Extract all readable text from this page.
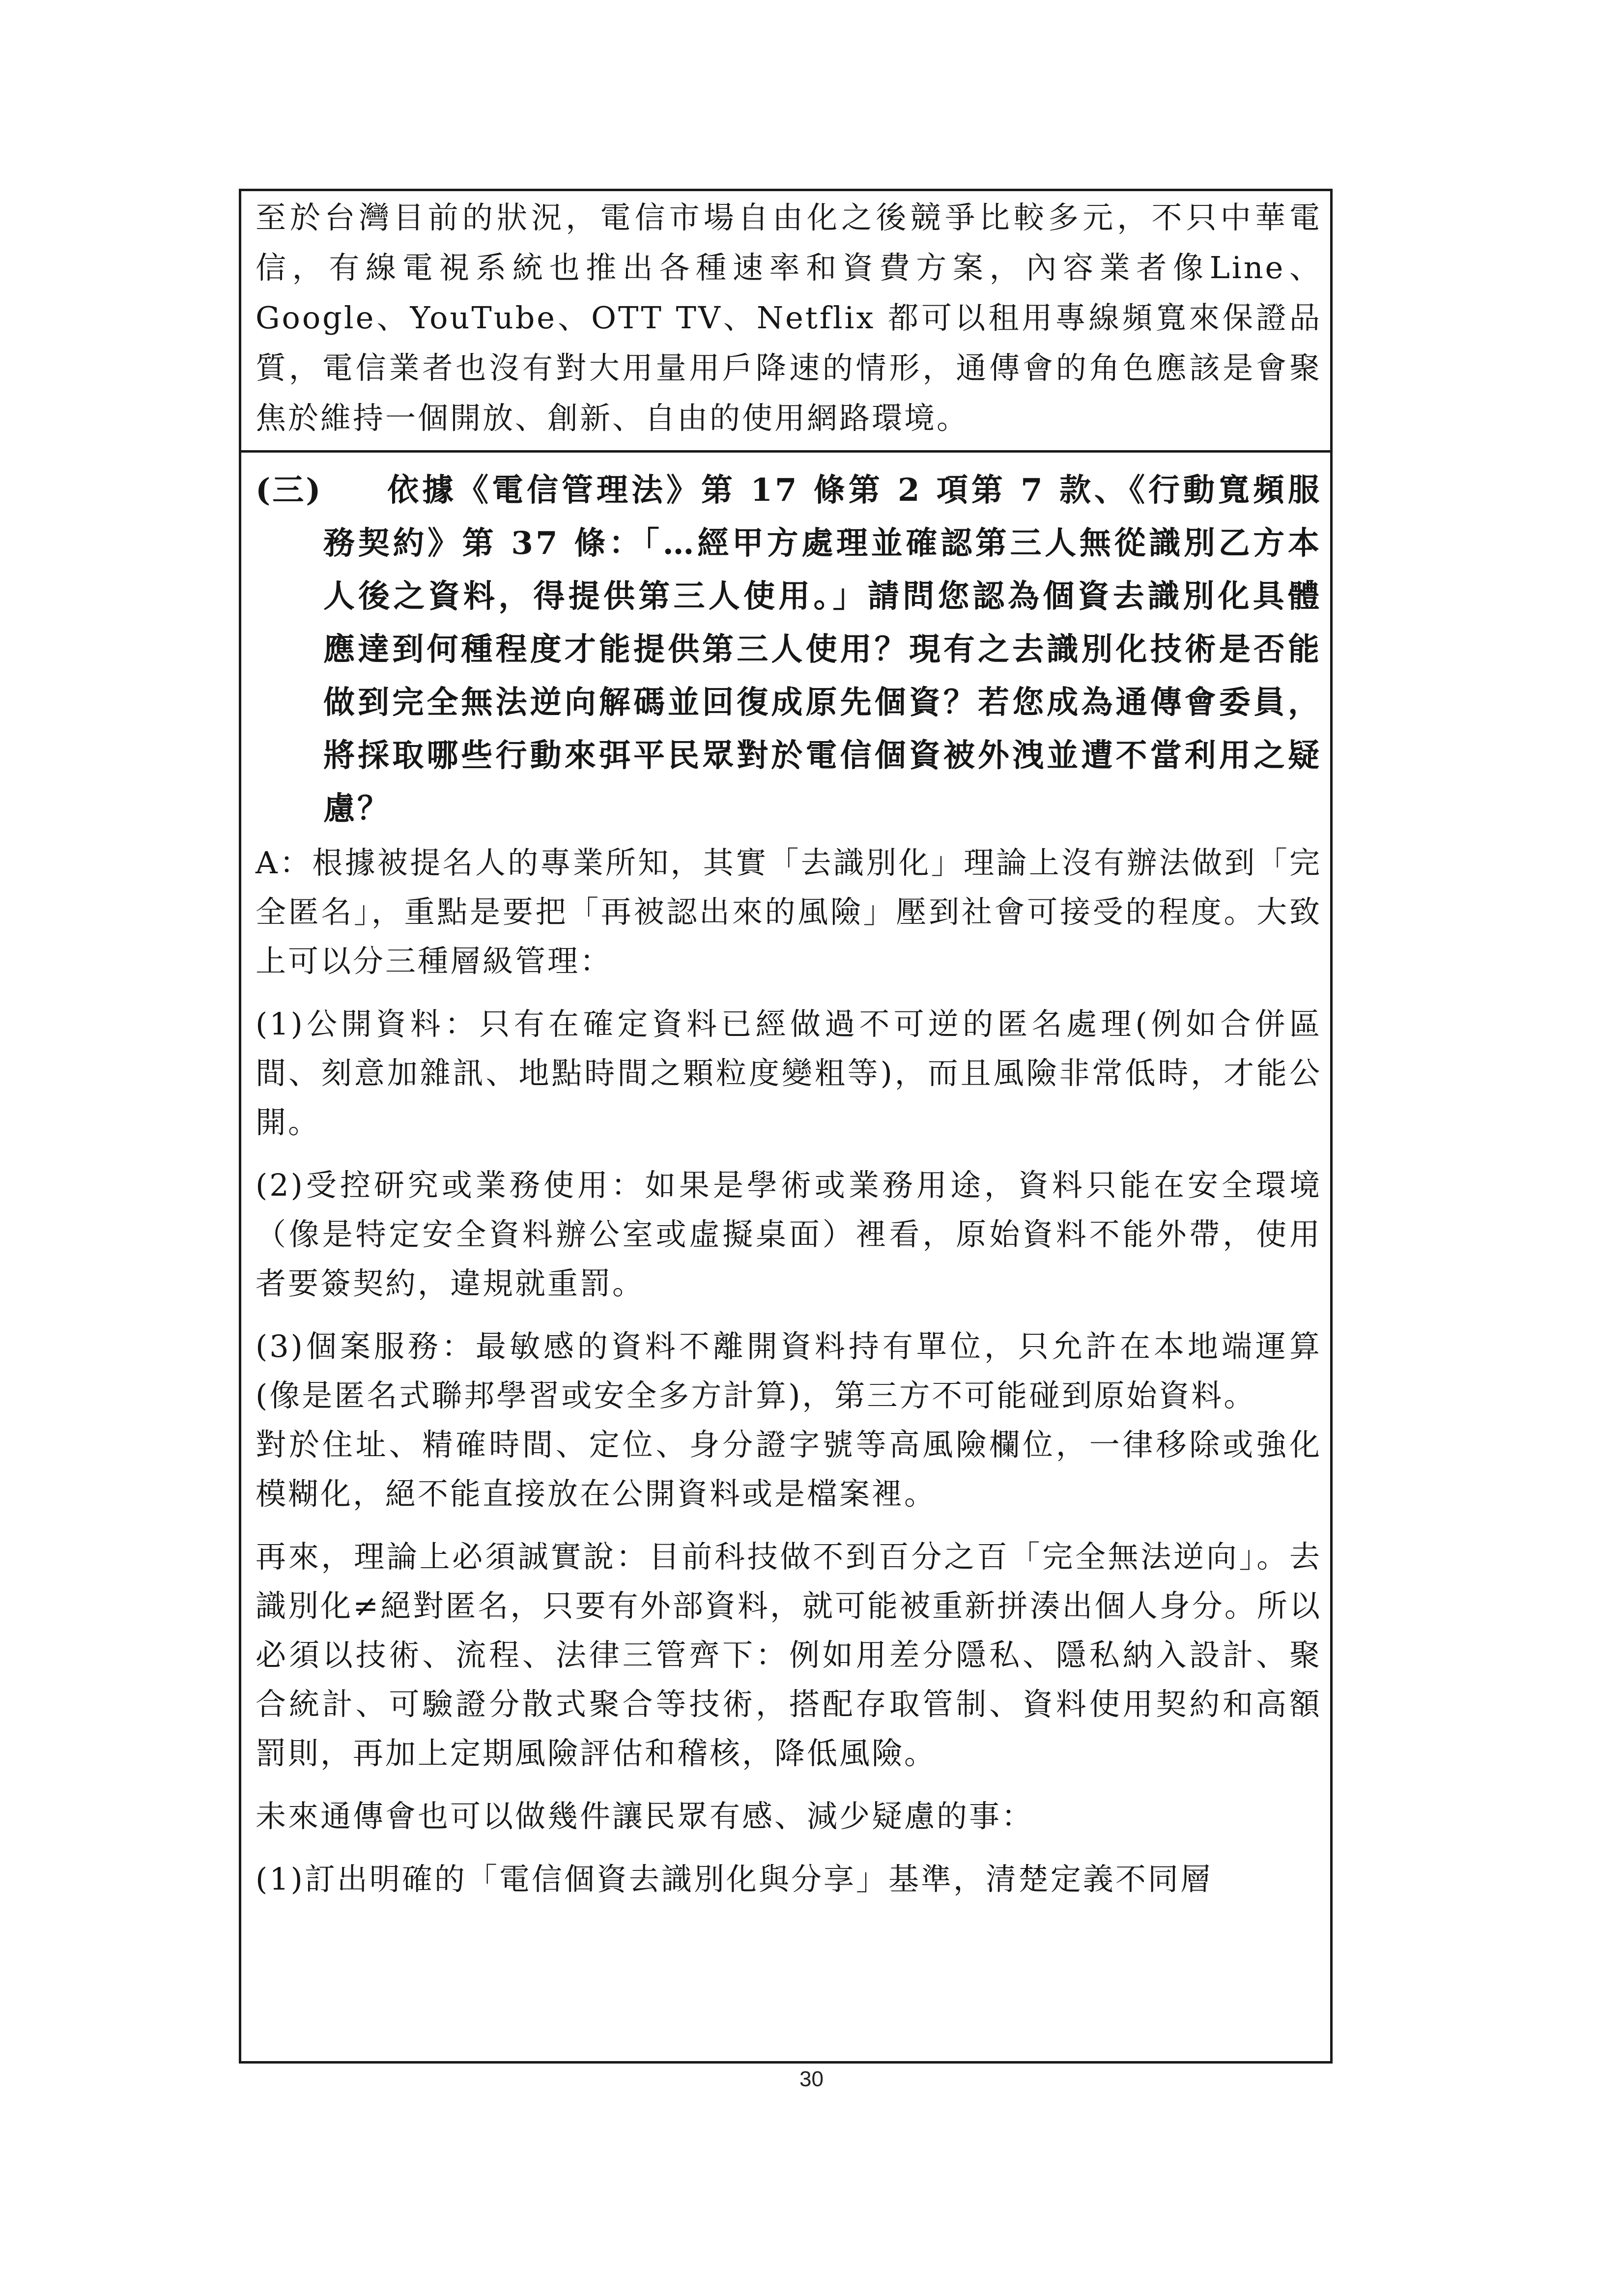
至於台灣目前的狀況，電信市場自由化之後競爭比較多元，不只中華電信，有線電視系統也推出各種速率和資費方案，內容業者像Line、Google、YouTube、OTT TV、Netflix 都可以租用專線頻寬來保證品質，電信業者也沒有對大用量用戶降速的情形，通傳會的角色應該是會聚焦於維持一個開放、創新、自由的使用網路環境。

(三)	依據《電信管理法》第 17 條第 2 項第 7 款、《行動寬頻服務契約》第 37 條：「…經甲方處理並確認第三人無從識別乙方本人後之資料，得提供第三人使用。」請問您認為個資去識別化具體應達到何種程度才能提供第三人使用？現有之去識別化技術是否能做到完全無法逆向解碼並回復成原先個資？若您成為通傳會委員，將採取哪些行動來弭平民眾對於電信個資被外洩並遭不當利用之疑慮？

A：根據被提名人的專業所知，其實「去識別化」理論上沒有辦法做到「完全匿名」，重點是要把「再被認出來的風險」壓到社會可接受的程度。大致上可以分三種層級管理：

(1)公開資料：只有在確定資料已經做過不可逆的匿名處理(例如合併區間、刻意加雜訊、地點時間之顆粒度變粗等)，而且風險非常低時，才能公開。

(2)受控研究或業務使用：如果是學術或業務用途，資料只能在安全環境（像是特定安全資料辦公室或虛擬桌面）裡看，原始資料不能外帶，使用者要簽契約，違規就重罰。

(3)個案服務：最敏感的資料不離開資料持有單位，只允許在本地端運算(像是匿名式聯邦學習或安全多方計算)，第三方不可能碰到原始資料。

對於住址、精確時間、定位、身分證字號等高風險欄位，一律移除或強化模糊化，絕不能直接放在公開資料或是檔案裡。

再來，理論上必須誠實說：目前科技做不到百分之百「完全無法逆向」。去識別化≠絕對匿名，只要有外部資料，就可能被重新拼湊出個人身分。所以必須以技術、流程、法律三管齊下：例如用差分隱私、隱私納入設計、聚合統計、可驗證分散式聚合等技術，搭配存取管制、資料使用契約和高額罰則，再加上定期風險評估和稽核，降低風險。

未來通傳會也可以做幾件讓民眾有感、減少疑慮的事：

(1)訂出明確的「電信個資去識別化與分享」基準，清楚定義不同層

30
